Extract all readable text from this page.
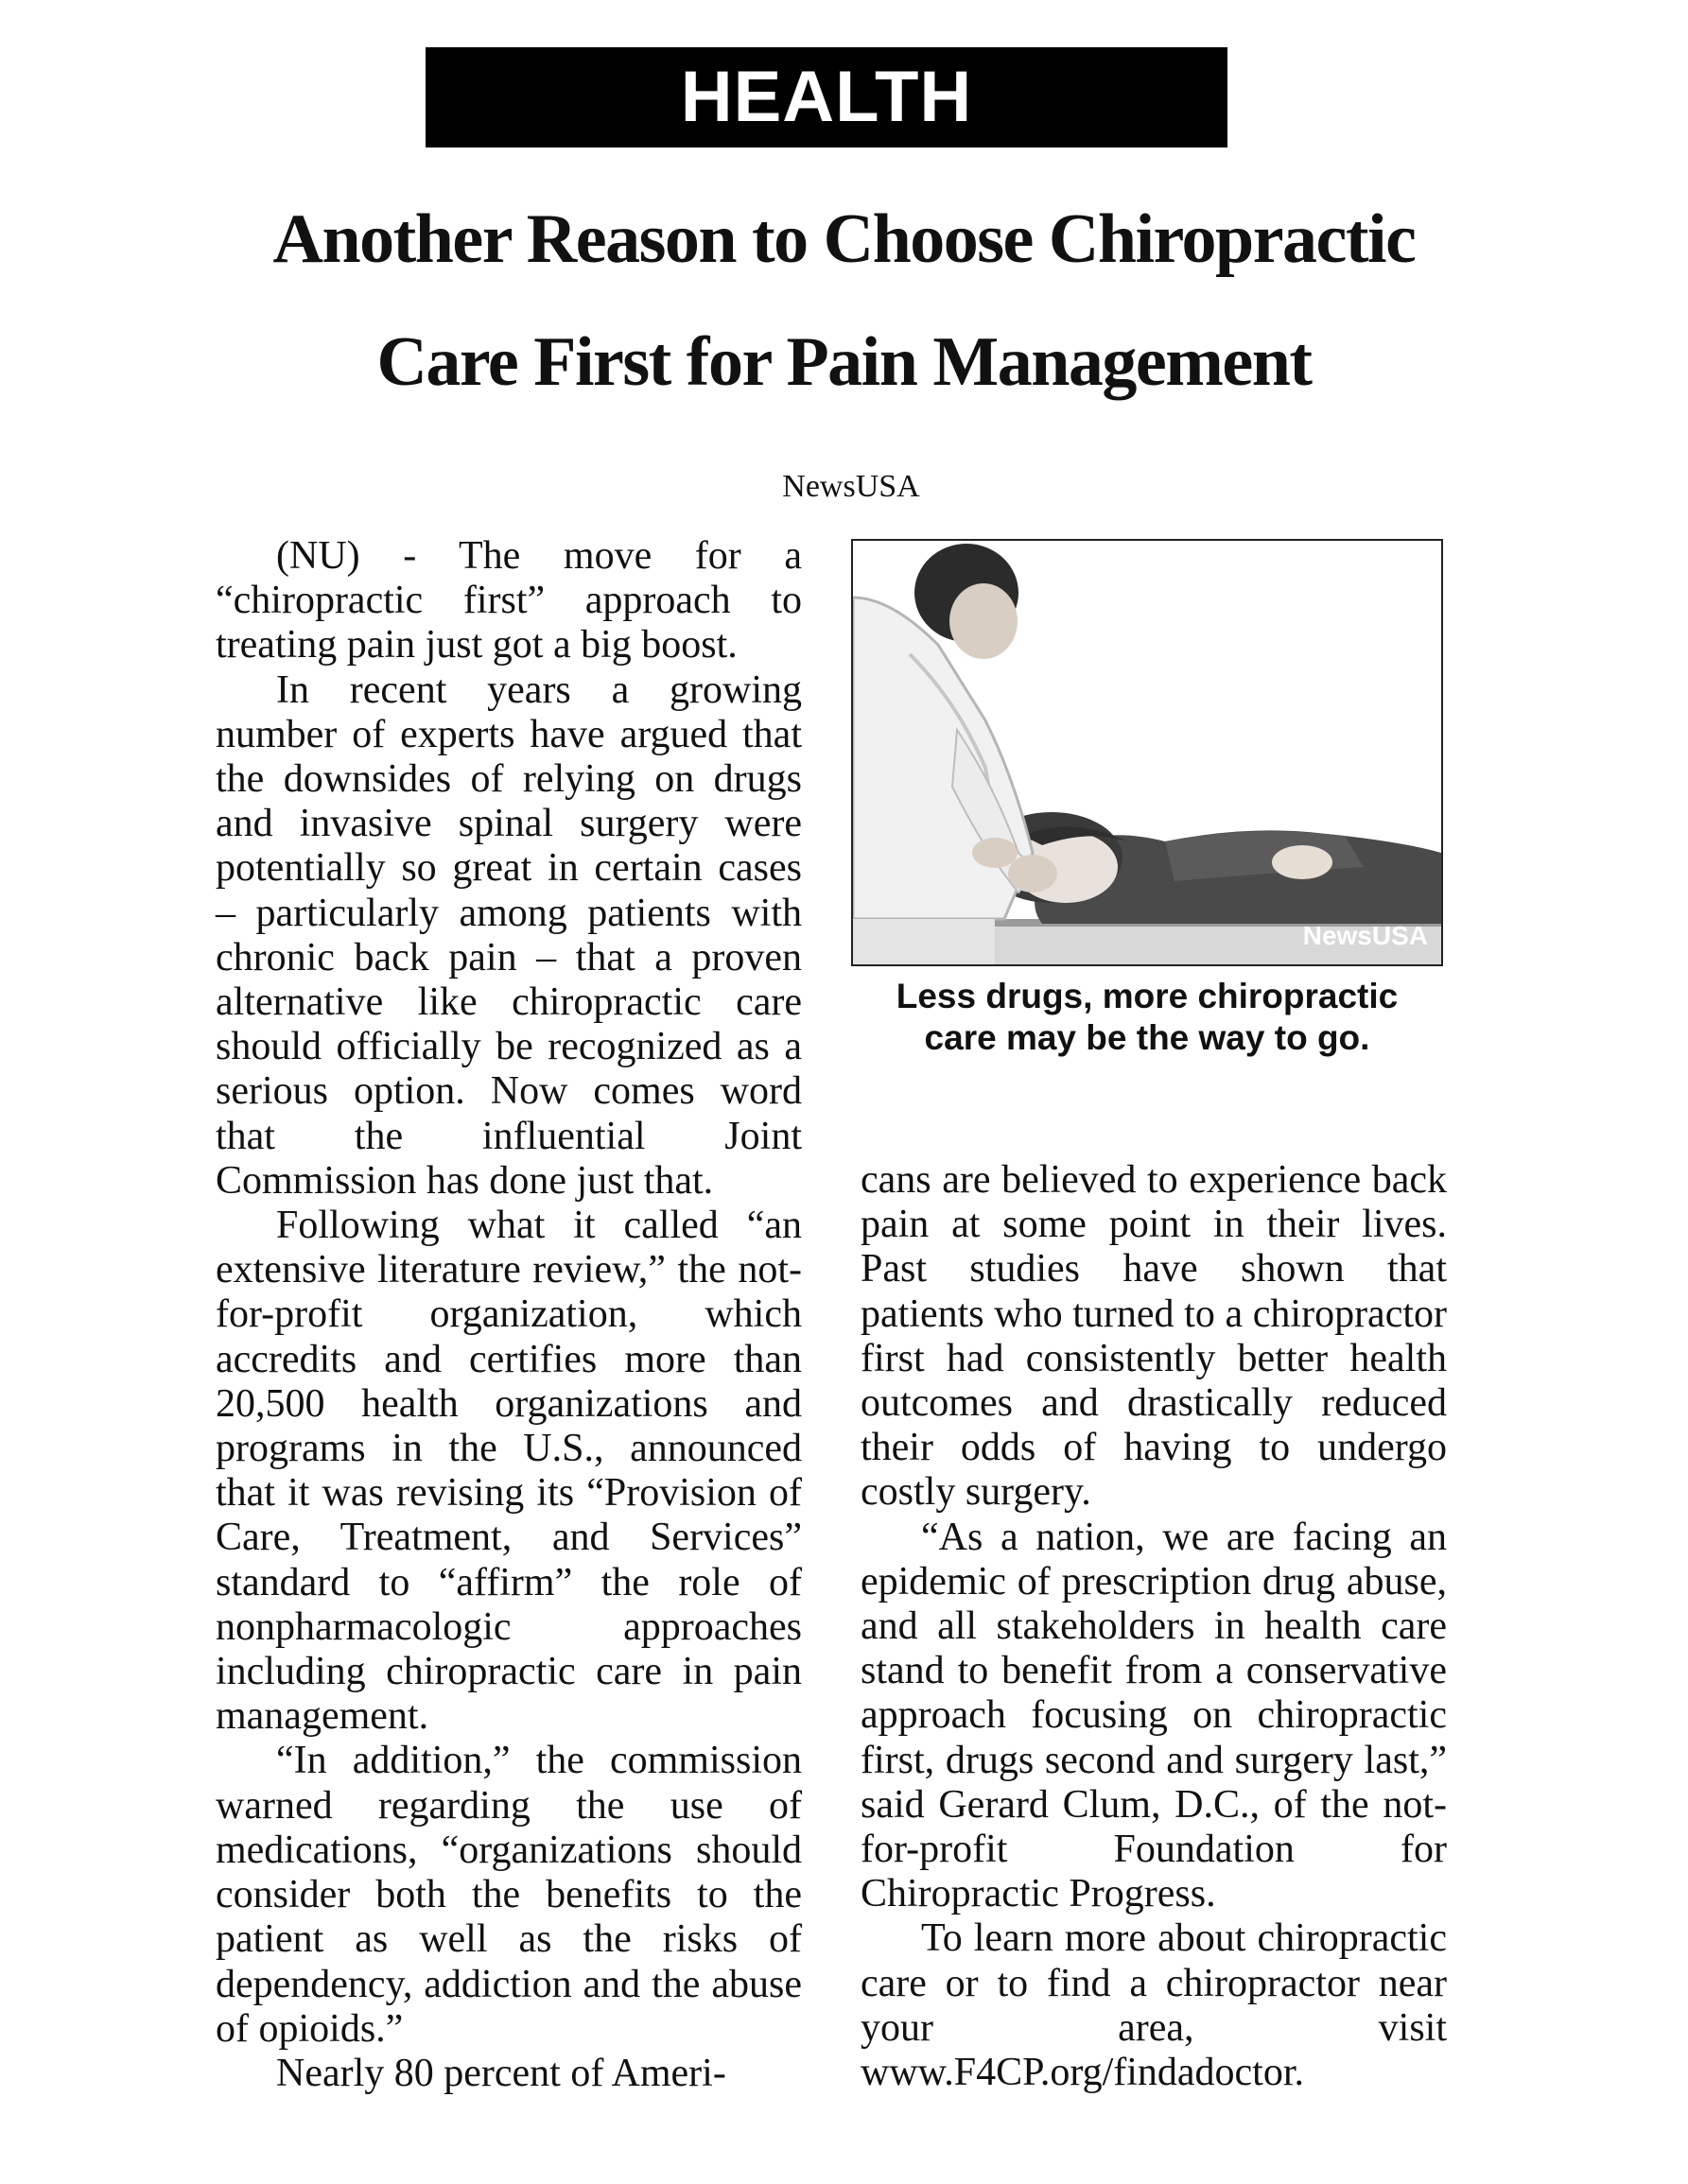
HEALTH
Another Reason to Choose Chiropractic
Care First for Pain Management
NewsUSA

(NU) - The move for a “chiropractic first” approach to treating pain just got a big boost.

In recent years a growing number of experts have argued that the downsides of relying on drugs and invasive spinal surgery were potentially so great in certain cases – particularly among patients with chronic back pain – that a proven alternative like chiropractic care should officially be recognized as a serious option. Now comes word that the influential Joint Commission has done just that.

Following what it called “an extensive literature review,” the not-for-profit organization, which accredits and certifies more than 20,500 health organizations and programs in the U.S., announced that it was revising its “Provision of Care, Treatment, and Services” standard to “affirm” the role of nonpharmacologic approaches including chiropractic care in pain management.

“In addition,” the commission warned regarding the use of medications, “organizations should consider both the benefits to the patient as well as the risks of dependency, addiction and the abuse of opioids.”

Nearly 80 percent of Ameri-

NewsUSA
Less drugs, more chiropractic
care may be the way to go.

cans are believed to experience back pain at some point in their lives. Past studies have shown that patients who turned to a chiropractor first had consistently better health outcomes and drastically reduced their odds of having to undergo costly surgery.

“As a nation, we are facing an epidemic of prescription drug abuse, and all stakeholders in health care stand to benefit from a conservative approach focusing on chiropractic first, drugs second and surgery last,” said Gerard Clum, D.C., of the not-for-profit Foundation for Chiropractic Progress.

To learn more about chiropractic care or to find a chiropractor near your area, visit www.F4CP.org/findadoctor.
